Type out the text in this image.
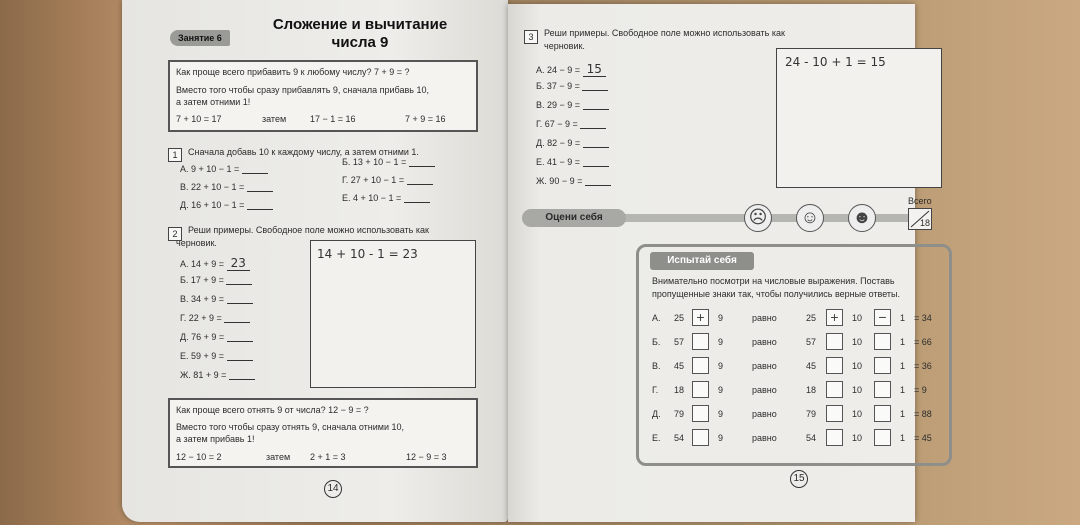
Занятие 6
Сложение и вычитание
числа 9
Как проще всего прибавить 9 к любому числу? 7 + 9 = ?
Вместо того чтобы сразу прибавлять 9, сначала прибавь 10,
а затем отними 1!
7 + 10 = 17	затем	17 − 1 = 16	7 + 9 = 16
1	Сначала добавь 10 к каждому числу, а затем отними 1.
А. 9 + 10 − 1 =
В. 22 + 10 − 1 =
Д. 16 + 10 − 1 =
Б. 13 + 10 − 1 =
Г. 27 + 10 − 1 =
Е. 4 + 10 − 1 =
2	Реши примеры. Свободное поле можно использовать как
черновик.
А. 14 + 9 = 23
Б. 17 + 9 =
В. 34 + 9 =
Г. 22 + 9 =
Д. 76 + 9 =
Е. 59 + 9 =
Ж. 81 + 9 =
14 + 10 - 1 = 23
Как проще всего отнять 9 от числа? 12 − 9 = ?
Вместо того чтобы сразу отнять 9, сначала отними 10,
а затем прибавь 1!
12 − 10 = 2	затем 2 + 1 = 3	12 − 9 = 3
14
3	Реши примеры. Свободное поле можно использовать как
черновик.
А. 24 − 9 = 15
Б. 37 − 9 =
В. 29 − 9 =
Г. 67 − 9 =
Д. 82 − 9 =
Е. 41 − 9 =
Ж. 90 − 9 =
24 - 10 + 1 = 15
Оцени себя	☹ ☺ ☻
Всего
Испытай себя
Внимательно посмотри на числовые выражения. Поставь
пропущенные знаки так, чтобы получились верные ответы.
А. 25 +	9	равно	25	+	10	−	1 = 34
Б. 57	9	равно	57	10	1 = 66
В. 45	9	равно	45	10	1 = 36
Г. 18	9	равно	18	10	1 = 9
Д. 79	9	равно	79	10	1 = 88
Е. 54	9	равно	54	10	1 = 45
15
18
